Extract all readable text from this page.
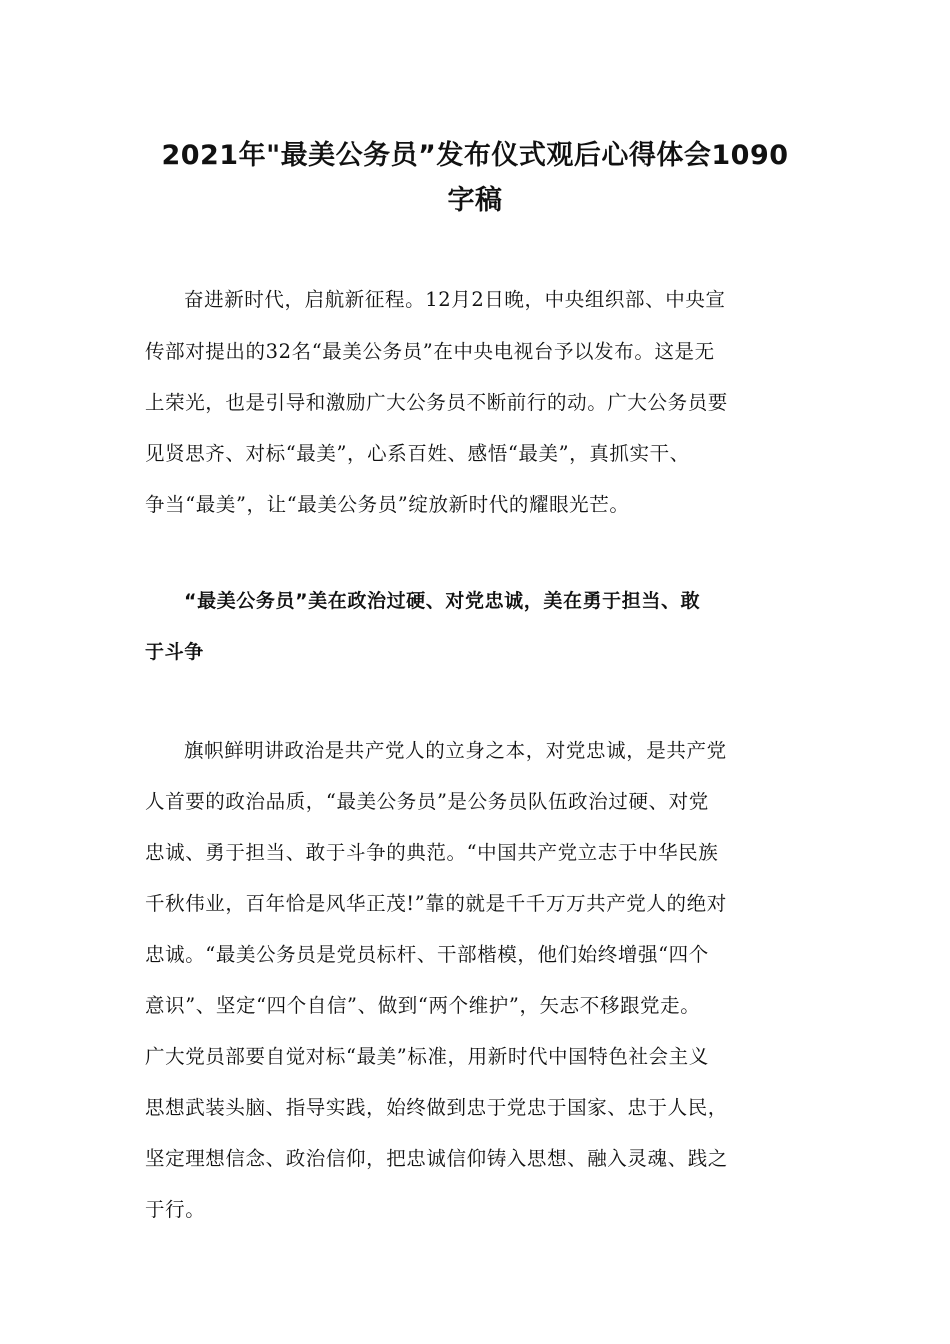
2021年"最美公务员”发布仪式观后心得体会1090
字稿

奋进新时代，启航新征程。12月2日晚，中央组织部、中央宣

传部对提出的32名“最美公务员”在中央电视台予以发布。这是无

上荣光，也是引导和激励广大公务员不断前行的动。广大公务员要

见贤思齐、对标“最美”，心系百姓、感悟“最美”，真抓实干、

争当“最美”，让“最美公务员”绽放新时代的耀眼光芒。

“最美公务员”美在政治过硬、对党忠诚，美在勇于担当、敢

于斗争

旗帜鲜明讲政治是共产党人的立身之本，对党忠诚，是共产党

人首要的政治品质，“最美公务员”是公务员队伍政治过硬、对党

忠诚、勇于担当、敢于斗争的典范。“中国共产党立志于中华民族

千秋伟业，百年恰是风华正茂!”靠的就是千千万万共产党人的绝对

忠诚。“最美公务员是党员标杆、干部楷模，他们始终增强“四个

意识”、坚定“四个自信”、做到“两个维护”，矢志不移跟党走。

广大党员部要自觉对标“最美”标准，用新时代中国特色社会主义

思想武装头脑、指导实践，始终做到忠于党忠于国家、忠于人民，

坚定理想信念、政治信仰，把忠诚信仰铸入思想、融入灵魂、践之

于行。
